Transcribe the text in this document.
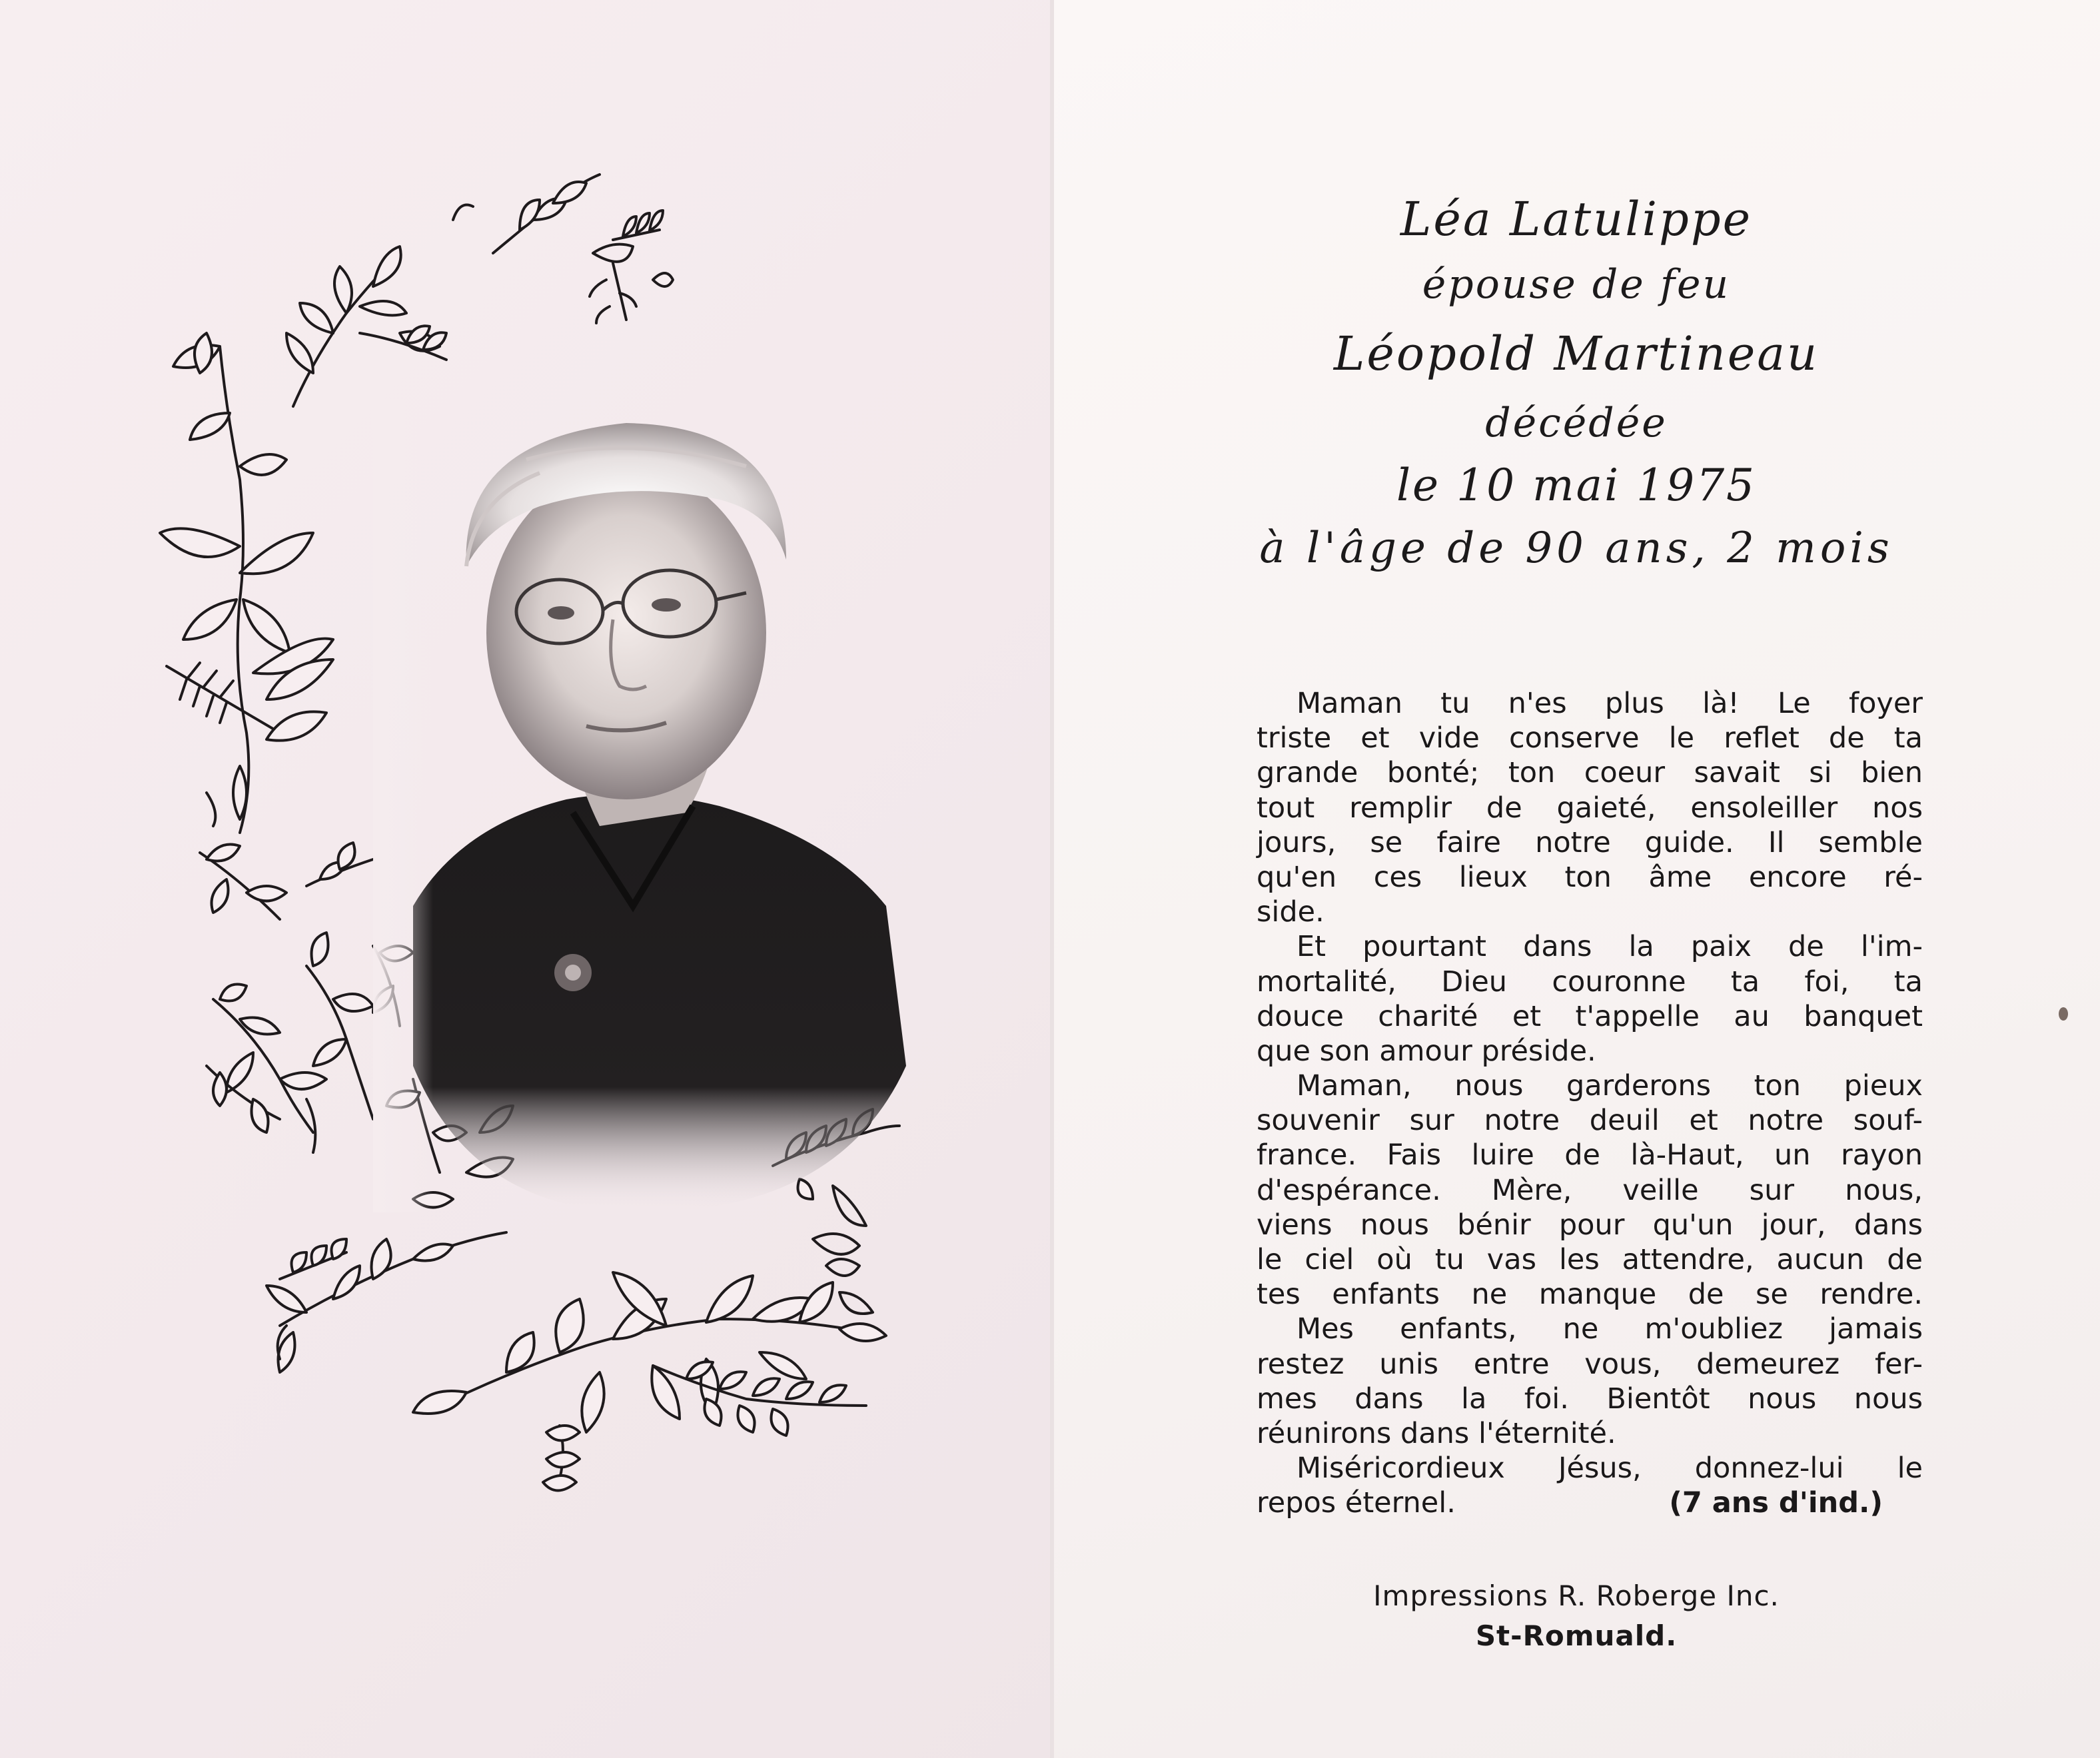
Léa Latulippe
épouse de feu
Léopold Martineau
décédée
le 10 mai 1975
à l'âge de 90 ans, 2 mois
Maman tu n'es plus là! Le foyer
triste et vide conserve le reflet de ta
grande bonté; ton coeur savait si bien
tout remplir de gaieté, ensoleiller nos
jours, se faire notre guide. Il semble
qu'en ces lieux ton âme encore ré-
side.
Et pourtant dans la paix de l'im-
mortalité, Dieu couronne ta foi, ta
douce charité et t'appelle au banquet
que son amour préside.
Maman, nous garderons ton pieux
souvenir sur notre deuil et notre souf-
france. Fais luire de là-Haut, un rayon
d'espérance. Mère, veille sur nous,
viens nous bénir pour qu'un jour, dans
le ciel où tu vas les attendre, aucun de
tes enfants ne manque de se rendre.
Mes enfants, ne m'oubliez jamais
restez unis entre vous, demeurez fer-
mes dans la foi. Bientôt nous nous
réunirons dans l'éternité.
Miséricordieux Jésus, donnez-lui le
repos éternel.	(7 ans d'ind.)
Impressions R. Roberge Inc.
St-Romuald.
